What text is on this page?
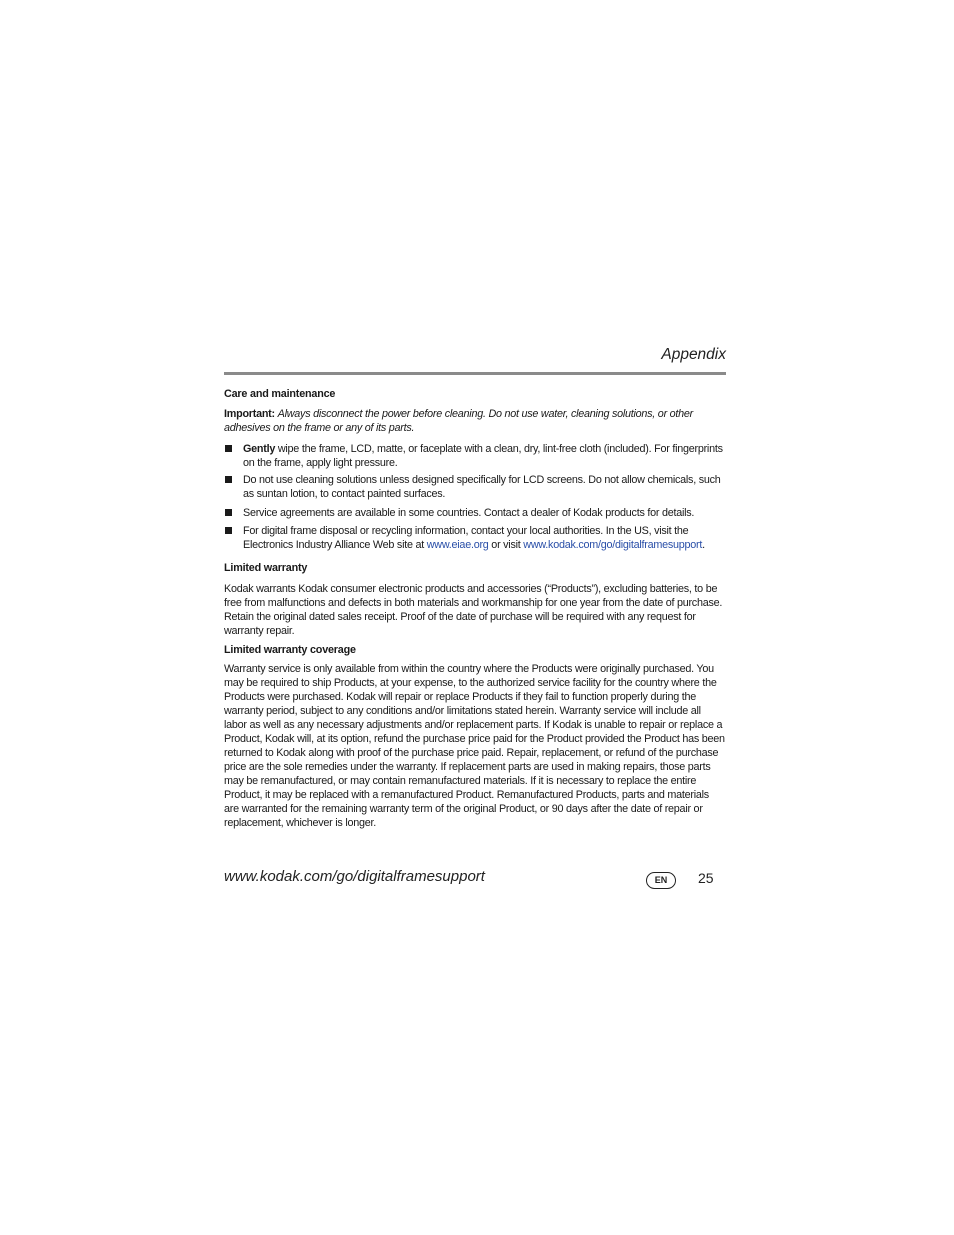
Appendix
Care and maintenance

Important: Always disconnect the power before cleaning. Do not use water, cleaning solutions, or other adhesives on the frame or any of its parts.

Gently wipe the frame, LCD, matte, or faceplate with a clean, dry, lint-free cloth (included). For fingerprints on the frame, apply light pressure.
Do not use cleaning solutions unless designed specifically for LCD screens. Do not allow chemicals, such as suntan lotion, to contact painted surfaces.
Service agreements are available in some countries. Contact a dealer of Kodak products for details.
For digital frame disposal or recycling information, contact your local authorities. In the US, visit the Electronics Industry Alliance Web site at www.eiae.org or visit www.kodak.com/go/digitalframesupport.
Limited warranty

Kodak warrants Kodak consumer electronic products and accessories (“Products”), excluding batteries, to be free from malfunctions and defects in both materials and workmanship for one year from the date of purchase. Retain the original dated sales receipt. Proof of the date of purchase will be required with any request for warranty repair.

Limited warranty coverage

Warranty service is only available from within the country where the Products were originally purchased. You may be required to ship Products, at your expense, to the authorized service facility for the country where the Products were purchased. Kodak will repair or replace Products if they fail to function properly during the warranty period, subject to any conditions and/or limitations stated herein. Warranty service will include all labor as well as any necessary adjustments and/or replacement parts. If Kodak is unable to repair or replace a Product, Kodak will, at its option, refund the purchase price paid for the Product provided the Product has been returned to Kodak along with proof of the purchase price paid. Repair, replacement, or refund of the purchase price are the sole remedies under the warranty. If replacement parts are used in making repairs, those parts may be remanufactured, or may contain remanufactured materials. If it is necessary to replace the entire Product, it may be replaced with a remanufactured Product. Remanufactured Products, parts and materials are warranted for the remaining warranty term of the original Product, or 90 days after the date of repair or replacement, whichever is longer.

www.kodak.com/go/digitalframesupport	EN	25
